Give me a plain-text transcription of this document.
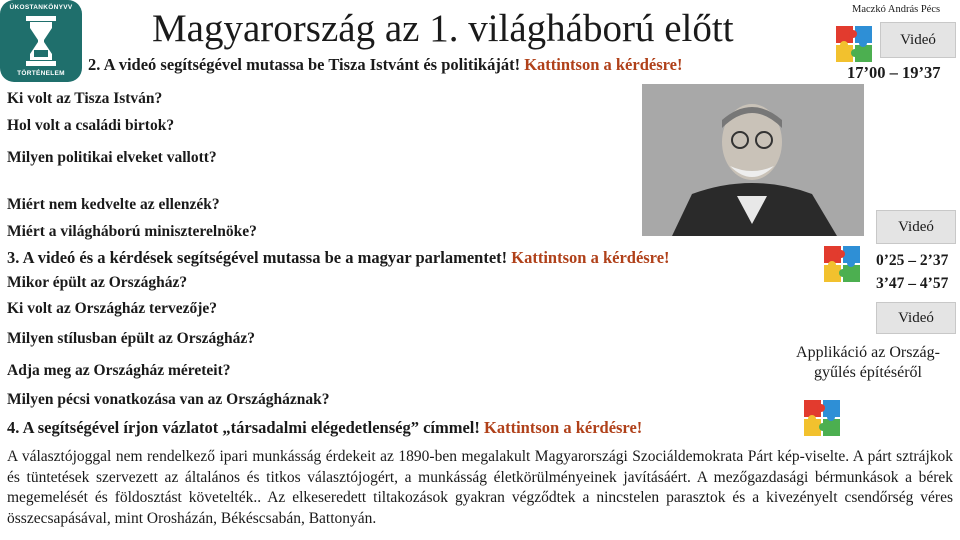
ÚKOSTANKÖNYVV
TÖRTÉNELEM
Magyarország az 1. világháború előtt	Maczkó András Pécs
2. A videó segítségével mutassa be Tisza Istvánt és politikáját! Kattintson a kérdésre!
Videó
17’00 – 19’37
Ki volt az Tisza István?
Hol volt a családi birtok?
Milyen politikai elveket vallott?
Miért nem kedvelte az ellenzék?
Miért a világháború miniszterelnöke?	Videó
3. A videó és a kérdések segítségével mutassa be a magyar parlamentet! Kattintson a kérdésre!	0’25 – 2’37
3’47 – 4’57
Mikor épült az Országház?
Ki volt az Országház tervezője?
Milyen stílusban épült az Országház?
Adja meg az Országház méreteit?
Milyen pécsi vonatkozása van az Országháznak?
Videó
Applikáció az Ország-
gyűlés építéséről
4. A segítségével írjon vázlatot „társadalmi elégedetlenség” címmel! Kattintson a kérdésre!
A választójoggal nem rendelkező ipari munkásság érdekeit az 1890-ben megalakult Magyarországi Szociáldemokrata Párt kép-viselte. A párt sztrájkok és tüntetések szervezett az általános és titkos választójogért, a munkásság életkörülményeinek javításáért. A mezőgazdasági bérmunkások a bérek megemelését és földosztást követelték.. Az elkeseredett tiltakozások gyakran végződtek a nincstelen parasztok és a kivezényelt csendőrség véres összecsapásával, mint Orosházán, Békéscsabán, Battonyán.
